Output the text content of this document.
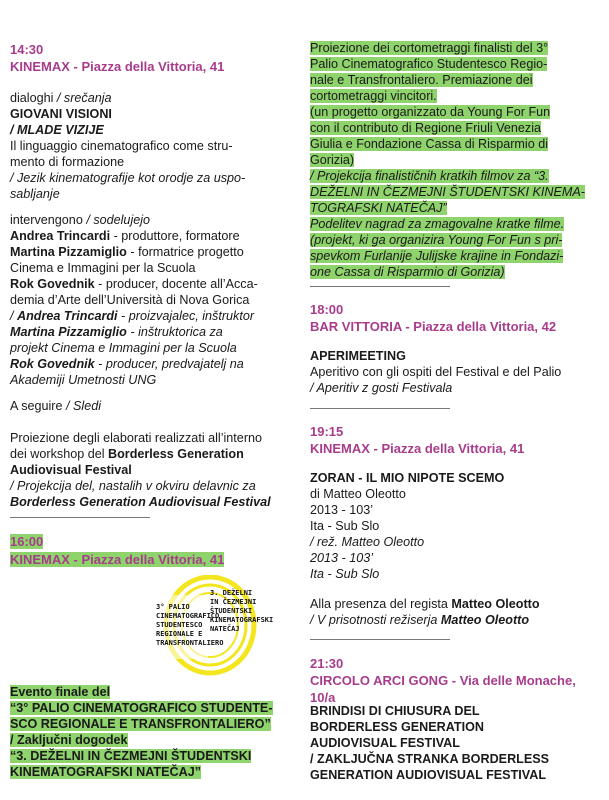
14:30
KINEMAX - Piazza della Vittoria, 41
dialoghi / srečanja
GIOVANI VISIONI
/ MLADE VIZIJE
Il linguaggio cinematografico come stru-
mento di formazione
/ Jezik kinematografije kot orodje za uspo-
sabljanje
intervengono / sodelujejo
Andrea Trincardi - produttore, formatore
Martina Pizzamiglio - formatrice progetto
Cinema e Immagini per la Scuola
Rok Govednik - producer, docente all’Acca-
demia d’Arte dell’Università di Nova Gorica
/ Andrea Trincardi - proizvajalec, inštruktor
Martina Pizzamiglio - inštruktorica za
projekt Cinema e Immagini per la Scuola
Rok Govednik - producer, predvajatelj na
Akademiji Umetnosti UNG
A seguire / Sledi
Proiezione degli elaborati realizzati all’interno
dei workshop del Borderless Generation
Audiovisual Festival
/ Projekcija del, nastalih v okviru delavnic za
Borderless Generation Audiovisual Festival
16:00
KINEMAX - Piazza della Vittoria, 41
3° PALIO
CINEMATOGRAFICO
STUDENTESCO
REGIONALE E
TRANSFRONTALIERO
3. DEŽELNI
IN ČEZMEJNI
ŠTUDENTSKI
KINEMATOGRAFSKI
NATEČAJ
Evento finale del
“3° PALIO CINEMATOGRAFICO STUDENTE-
SCO REGIONALE E TRANSFRONTALIERO”
/ Zaključni dogodek
“3. DEŽELNI IN ČEZMEJNI ŠTUDENTSKI
KINEMATOGRAFSKI NATEČAJ”
Proiezione dei cortometraggi finalisti del 3°
Palio Cinematografico Studentesco Regio-
nale e Transfrontaliero. Premiazione dei
cortometraggi vincitori.
(un progetto organizzato da Young For Fun
con il contributo di Regione Friuli Venezia
Giulia e Fondazione Cassa di Risparmio di
Gorizia)
/ Projekcija finalističnih kratkih filmov za “3.
DEŽELNI IN ČEZMEJNI ŠTUDENTSKI KINEMA-
TOGRAFSKI NATEČAJ”
Podelitev nagrad za zmagovalne kratke filme.
(projekt, ki ga organizira Young For Fun s pri-
spevkom Furlanije Julijske krajine in Fondazi-
one Cassa di Risparmio di Gorizia)
18:00
BAR VITTORIA - Piazza della Vittoria, 42
APERIMEETING
Aperitivo con gli ospiti del Festival e del Palio
/ Aperitiv z gosti Festivala
19:15
KINEMAX - Piazza della Vittoria, 41
ZORAN - IL MIO NIPOTE SCEMO
di Matteo Oleotto
2013 - 103’
Ita - Sub Slo
/ rež. Matteo Oleotto
2013 - 103’
Ita - Sub Slo
Alla presenza del regista Matteo Oleotto
/ V prisotnosti režiserja Matteo Oleotto
21:30
CIRCOLO ARCI GONG - Via delle Monache, 10/a
BRINDISI DI CHIUSURA DEL
BORDERLESS GENERATION
AUDIOVISUAL FESTIVAL
/ ZAKLJUČNA STRANKA BORDERLESS
GENERATION AUDIOVISUAL FESTIVAL
